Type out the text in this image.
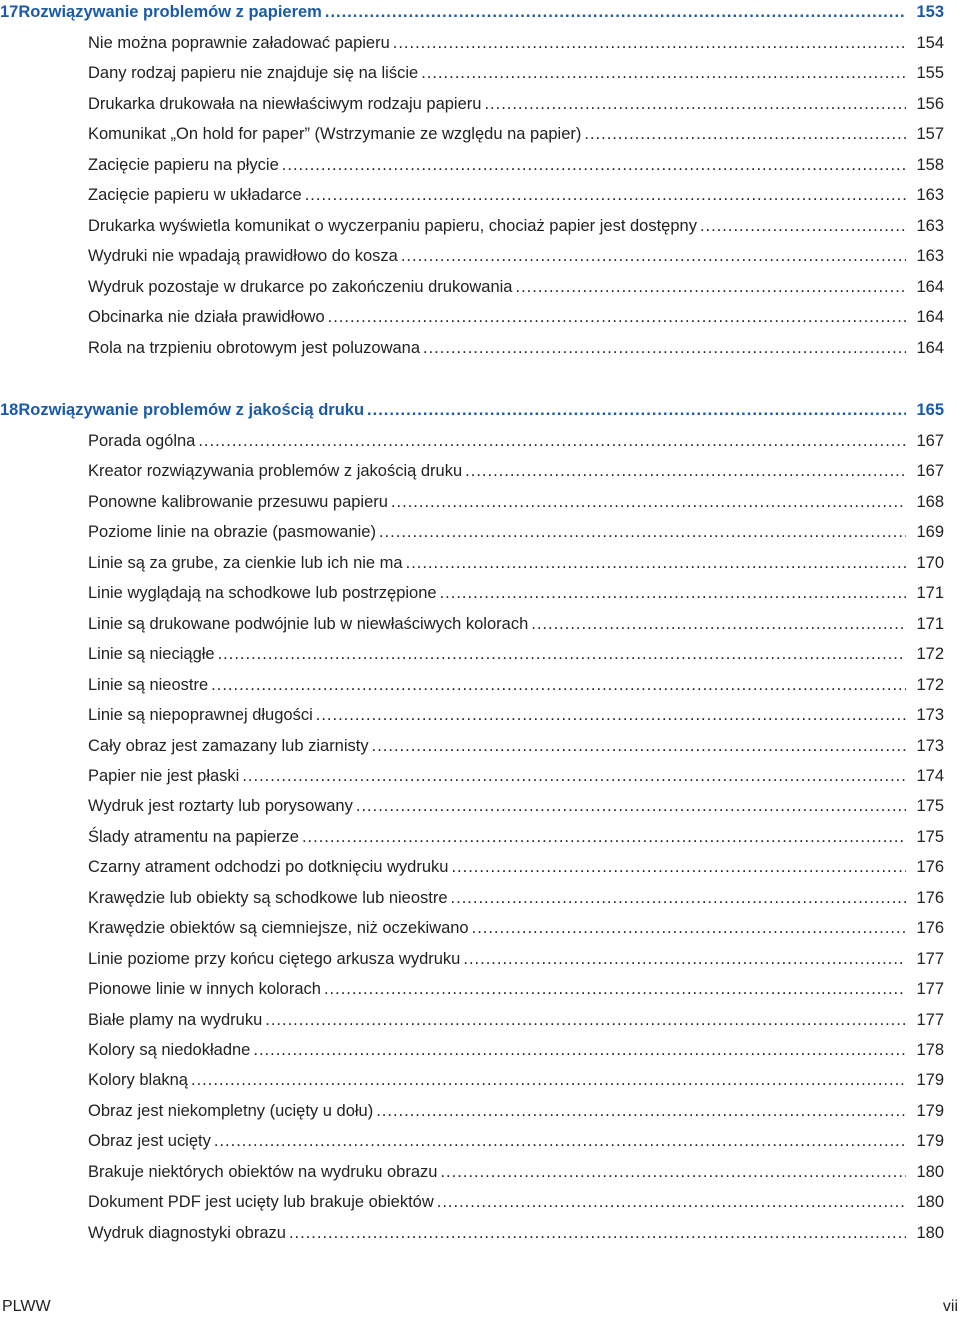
17 Rozwiązywanie problemów z papierem .....	153
Nie można poprawnie załadować papieru .....	154
Dany rodzaj papieru nie znajduje się na liście .....	155
Drukarka drukowała na niewłaściwym rodzaju papieru .....	156
Komunikat „On hold for paper” (Wstrzymanie ze względu na papier) .....	157
Zacięcie papieru na płycie .....	158
Zacięcie papieru w układarce .....	163
Drukarka wyświetla komunikat o wyczerpaniu papieru, chociaż papier jest dostępny .....	163
Wydruki nie wpadają prawidłowo do kosza .....	163
Wydruk pozostaje w drukarce po zakończeniu drukowania .....	164
Obcinarka nie działa prawidłowo .....	164
Rola na trzpieniu obrotowym jest poluzowana .....	164
18 Rozwiązywanie problemów z jakością druku .....	165
Porada ogólna .....	167
Kreator rozwiązywania problemów z jakością druku .....	167
Ponowne kalibrowanie przesuwu papieru .....	168
Poziome linie na obrazie (pasmowanie) .....	169
Linie są za grube, za cienkie lub ich nie ma .....	170
Linie wyglądają na schodkowe lub postrzępione .....	171
Linie są drukowane podwójnie lub w niewłaściwych kolorach .....	171
Linie są nieciągłe .....	172
Linie są nieostre .....	172
Linie są niepoprawnej długości .....	173
Cały obraz jest zamazany lub ziarnisty .....	173
Papier nie jest płaski .....	174
Wydruk jest roztarty lub porysowany .....	175
Ślady atramentu na papierze .....	175
Czarny atrament odchodzi po dotknięciu wydruku .....	176
Krawędzie lub obiekty są schodkowe lub nieostre .....	176
Krawędzie obiektów są ciemniejsze, niż oczekiwano .....	176
Linie poziome przy końcu ciętego arkusza wydruku .....	177
Pionowe linie w innych kolorach .....	177
Białe plamy na wydruku .....	177
Kolory są niedokładne .....	178
Kolory blakną .....	179
Obraz jest niekompletny (ucięty u dołu) .....	179
Obraz jest ucięty .....	179
Brakuje niektórych obiektów na wydruku obrazu .....	180
Dokument PDF jest ucięty lub brakuje obiektów .....	180
Wydruk diagnostyki obrazu .....	180
PLWW	vii
